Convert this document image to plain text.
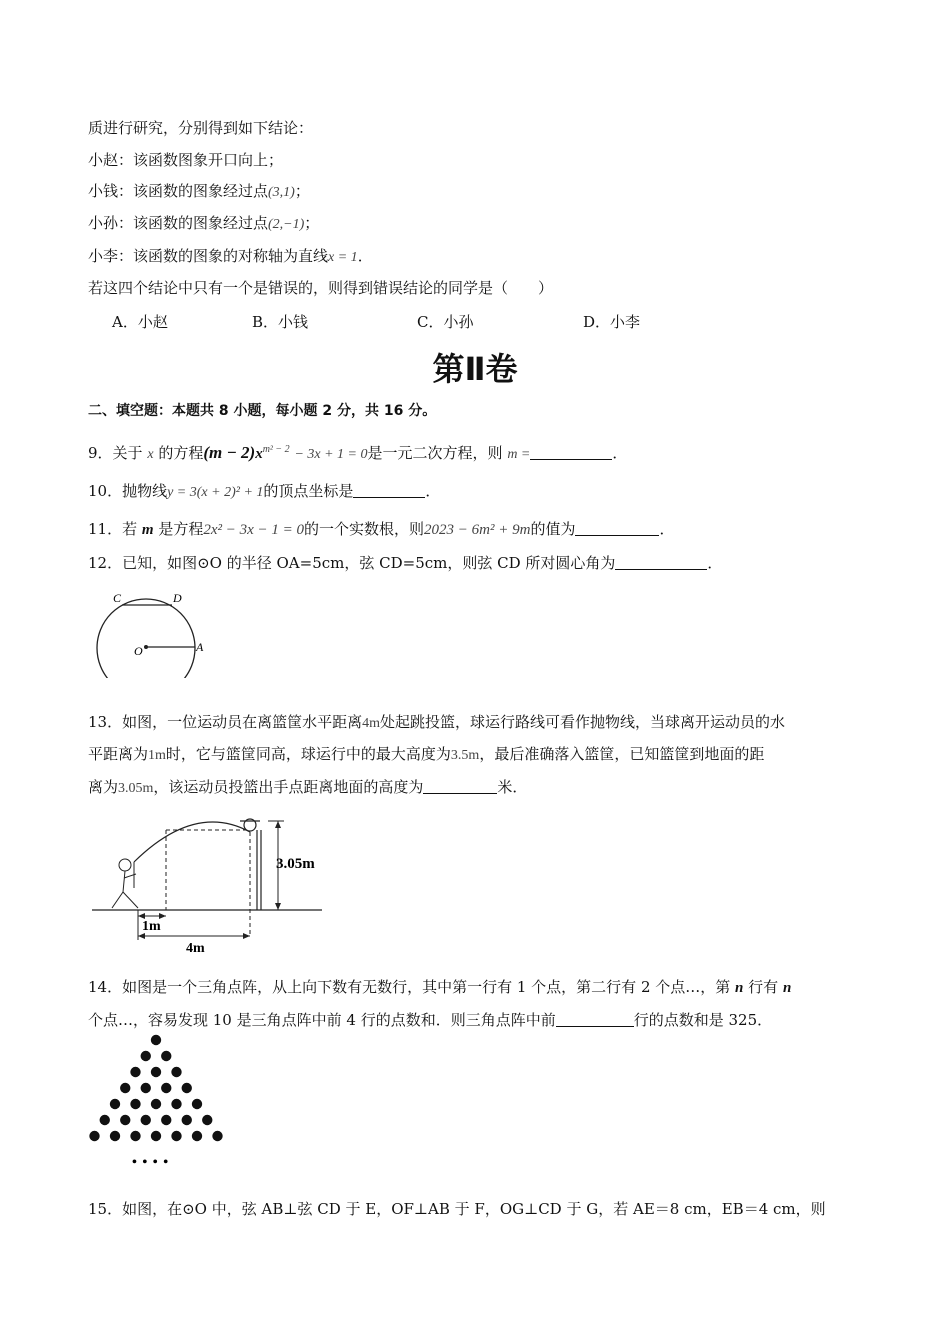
质进行研究，分别得到如下结论：
小赵：该函数图象开口向上；
小钱：该函数的图象经过点(3,1)；
小孙：该函数的图象经过点(2,−1)；
小李：该函数的图象的对称轴为直线x = 1．
若这四个结论中只有一个是错误的，则得到错误结论的同学是（　　）
A．小赵	B．小钱	C．小孙	D．小李
第Ⅱ卷
二、填空题：本题共 8 小题，每小题 2 分，共 16 分。
9．关于 x 的方程$(m - 2)x^{m^2 - 2} - 3x + 1 = 0$是一元二次方程，则 m =	．
10．抛物线y = 3(x + 2)² + 1的顶点坐标是	．
11．若 m 是方程2x² − 3x − 1 = 0的一个实数根，则2023 − 6m² + 9m的值为	．
12．已知，如图⊙O 的半径 OA=5cm，弦 CD=5cm，则弦 CD 所对圆心角为	．
C	D
O	A
13．如图，一位运动员在离篮筐水平距离4m处起跳投篮，球运行路线可看作抛物线，当球离开运动员的水
平距离为1m时，它与篮筐同高，球运行中的最大高度为3.5m，最后准确落入篮筐，已知篮筐到地面的距
离为3.05m，该运动员投篮出手点距离地面的高度为	米．
3.05m
1m
4m
14．如图是一个三角点阵，从上向下数有无数行，其中第一行有 1 个点，第二行有 2 个点…，第 n 行有 n
个点…，容易发现 10 是三角点阵中前 4 行的点数和．则三角点阵中前	行的点数和是 325．
• • • •
15．如图，在⊙O 中，弦 AB⊥弦 CD 于 E，OF⊥AB 于 F，OG⊥CD 于 G，若 AE＝8 cm，EB＝4 cm，则
